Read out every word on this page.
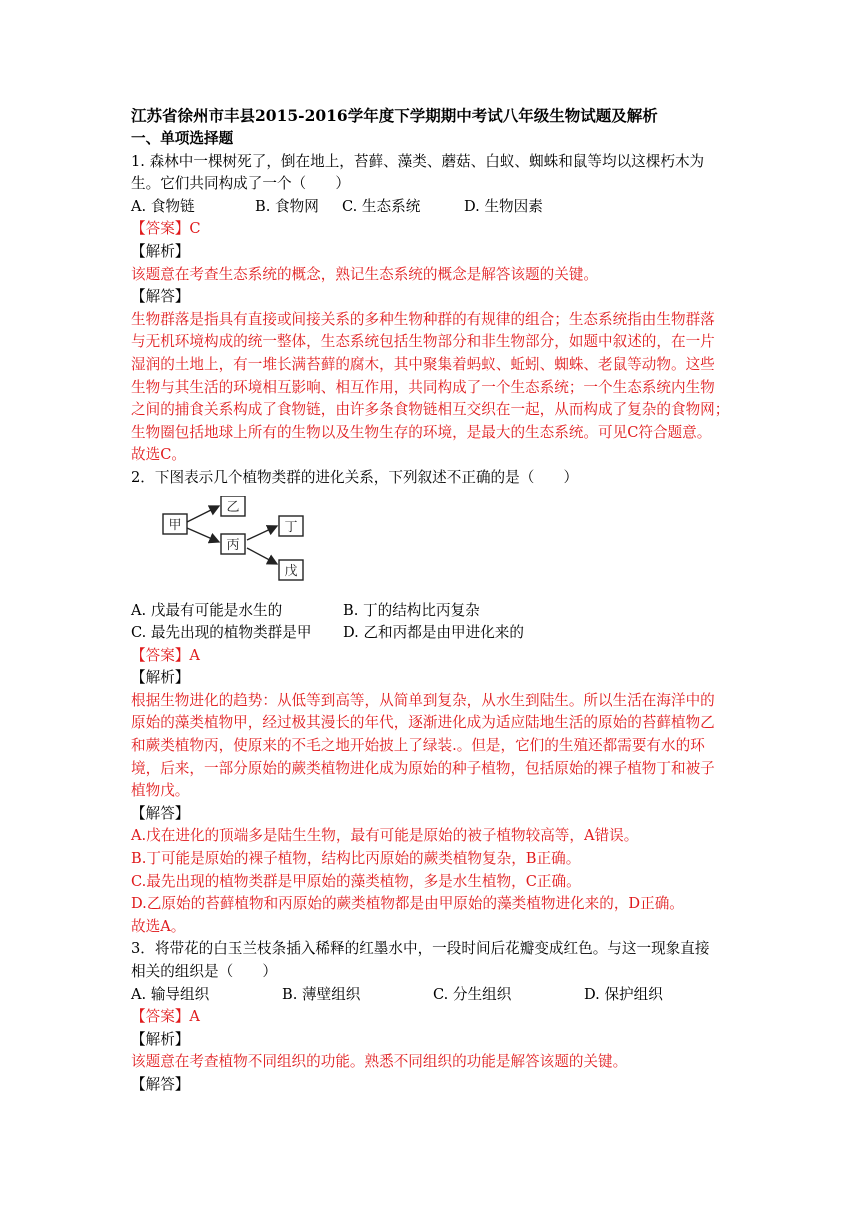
江苏省徐州市丰县2015-2016学年度下学期期中考试八年级生物试题及解析
一、单项选择题
1. 森林中一棵树死了，倒在地上，苔藓、藻类、蘑菇、白蚁、蜘蛛和鼠等均以这棵朽木为
生。它们共同构成了一个（　　）
A. 食物链	B. 食物网	C. 生态系统	D. 生物因素
【答案】C
【解析】
该题意在考查生态系统的概念，熟记生态系统的概念是解答该题的关键。
【解答】
生物群落是指具有直接或间接关系的多种生物种群的有规律的组合；生态系统指由生物群落
与无机环境构成的统一整体，生态系统包括生物部分和非生物部分，如题中叙述的，在一片
湿润的土地上，有一堆长满苔藓的腐木，其中聚集着蚂蚁、蚯蚓、蜘蛛、老鼠等动物。这些
生物与其生活的环境相互影响、相互作用，共同构成了一个生态系统；一个生态系统内生物
之间的捕食关系构成了食物链，由许多条食物链相互交织在一起，从而构成了复杂的食物网；
生物圈包括地球上所有的生物以及生物生存的环境，是最大的生态系统。可见C符合题意。
故选C。
2．下图表示几个植物类群的进化关系，下列叙述不正确的是（　　）
甲
乙
丙
丁
戊
A. 戊最有可能是水生的	B. 丁的结构比丙复杂
C. 最先出现的植物类群是甲	D. 乙和丙都是由甲进化来的
【答案】A
【解析】
根据生物进化的趋势：从低等到高等，从简单到复杂，从水生到陆生。所以生活在海洋中的
原始的藻类植物甲，经过极其漫长的年代，逐渐进化成为适应陆地生活的原始的苔藓植物乙
和蕨类植物丙，使原来的不毛之地开始披上了绿装.。但是，它们的生殖还都需要有水的环
境，后来，一部分原始的蕨类植物进化成为原始的种子植物，包括原始的裸子植物丁和被子
植物戊。
【解答】
A.戊在进化的顶端多是陆生生物，最有可能是原始的被子植物较高等，A错误。
B.丁可能是原始的裸子植物，结构比丙原始的蕨类植物复杂，B正确。
C.最先出现的植物类群是甲原始的藻类植物，多是水生植物，C正确。
D.乙原始的苔藓植物和丙原始的蕨类植物都是由甲原始的藻类植物进化来的，D正确。
故选A。
3．将带花的白玉兰枝条插入稀释的红墨水中，一段时间后花瓣变成红色。与这一现象直接
相关的组织是（　　）
A. 输导组织	B. 薄壁组织	C. 分生组织	D. 保护组织
【答案】A
【解析】
该题意在考查植物不同组织的功能。熟悉不同组织的功能是解答该题的关键。
【解答】
